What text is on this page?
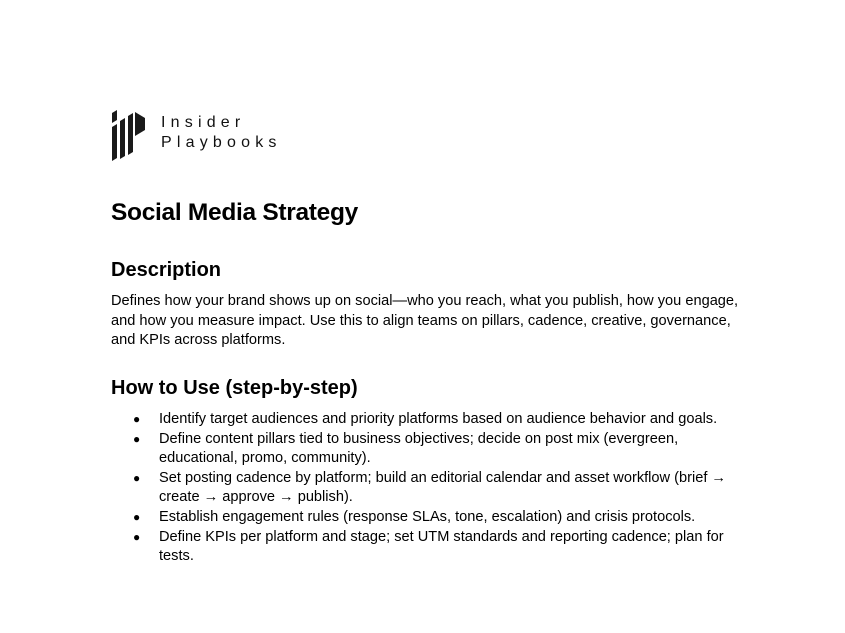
Insider
Playbooks
Social Media Strategy
Description

Defines how your brand shows up on social—who you reach, what you publish, how you engage, and how you measure impact. Use this to align teams on pillars, cadence, creative, governance, and KPIs across platforms.

How to Use (step-by-step)
● Identify target audiences and priority platforms based on audience behavior and goals.
● Define content pillars tied to business objectives; decide on post mix (evergreen, educational, promo, community).
● Set posting cadence by platform; build an editorial calendar and asset workflow (brief → create → approve → publish).
● Establish engagement rules (response SLAs, tone, escalation) and crisis protocols.
● Define KPIs per platform and stage; set UTM standards and reporting cadence; plan for tests.
